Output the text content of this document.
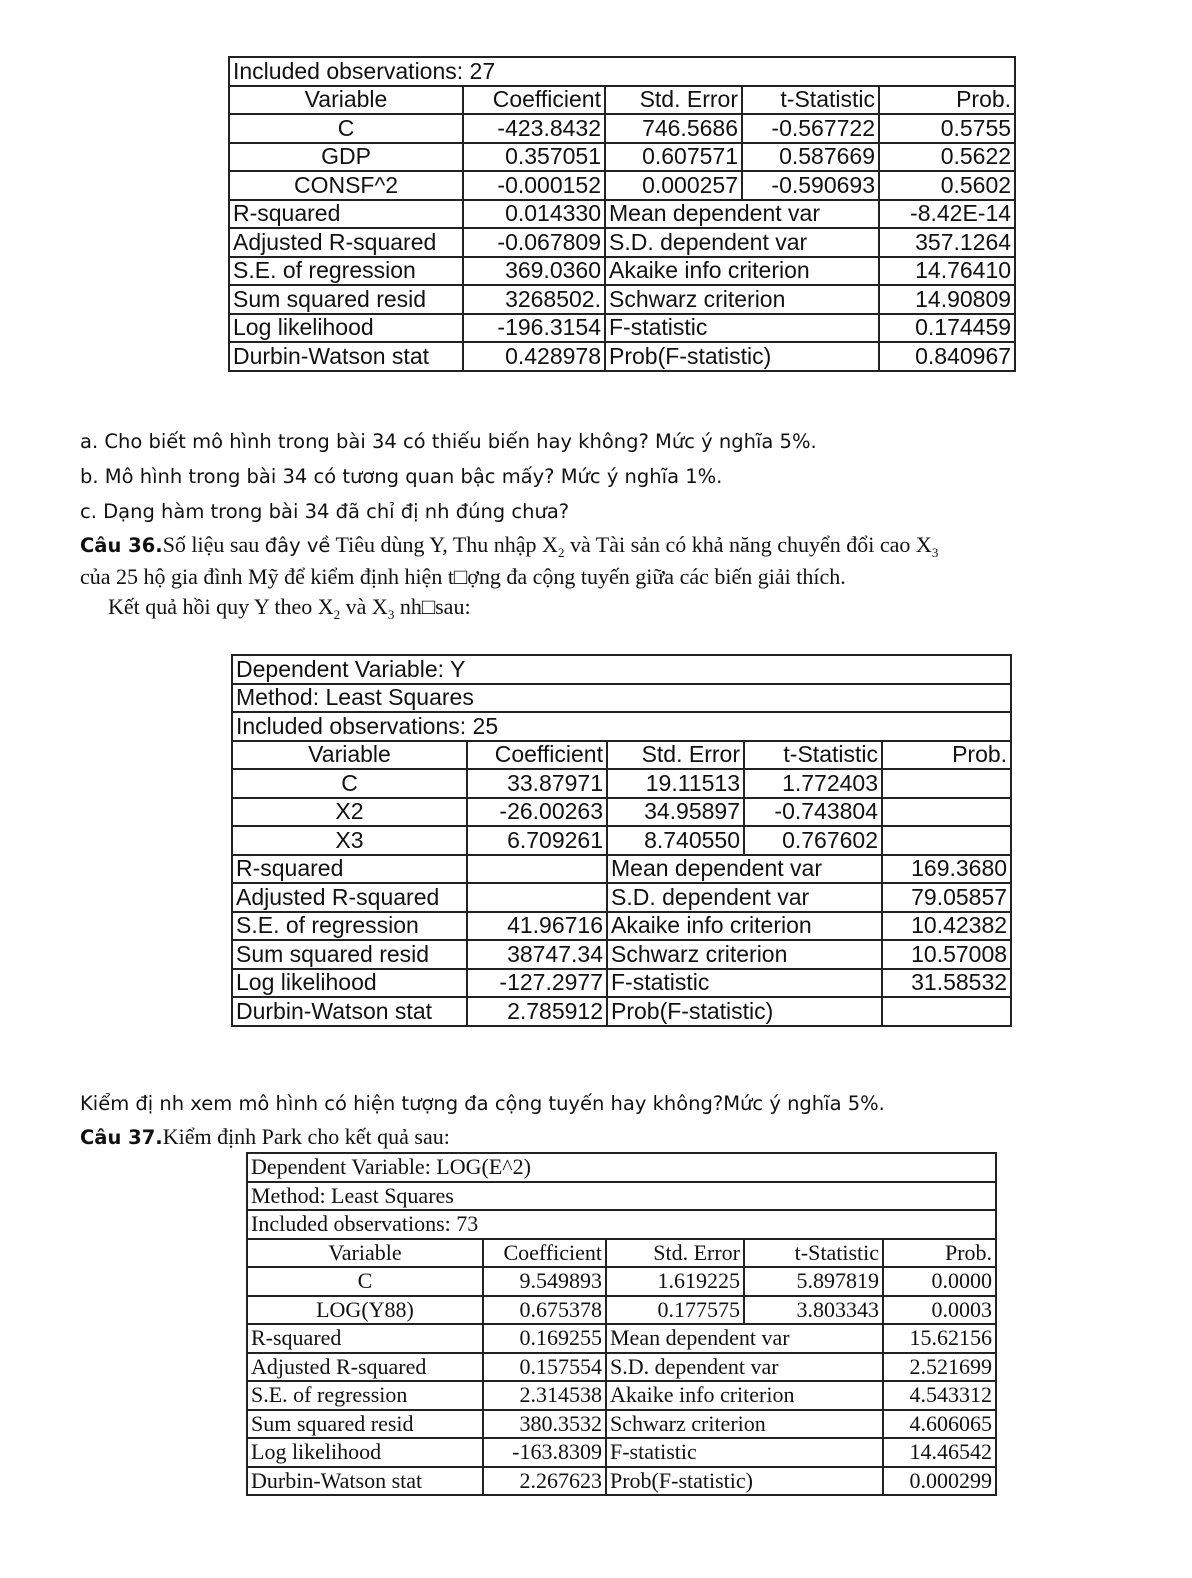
Included observations: 27				
Variable	Coefficient	Std. Error	t-Statistic	Prob.
C	-423.8432	746.5686	-0.567722	0.5755
GDP	0.357051	0.607571	0.587669	0.5622
CONSF^2	-0.000152	0.000257	-0.590693	0.5602
R-squared	0.014330	Mean dependent var		-8.42E-14
Adjusted R-squared	-0.067809	S.D. dependent var		357.1264
S.E. of regression	369.0360	Akaike info criterion		14.76410
Sum squared resid	3268502.	Schwarz criterion		14.90809
Log likelihood	-196.3154	F-statistic		0.174459
Durbin-Watson stat	0.428978	Prob(F-statistic)		0.840967
a. Cho biết mô hình trong bài 34 có thiếu biến hay không? Mức ý nghĩa 5%.
b. Mô hình trong bài 34 có tương quan bậc mấy? Mức ý nghĩa 1%.
c. Dạng hàm trong bài 34 đã chỉ đị nh đúng chưa?
Câu 36.Số liệu sau đây về Tiêu dùng Y, Thu nhập $X_2$ và Tài sản có khả năng chuyển đổi cao $X_3$
của 25 hộ gia đình Mỹ để kiểm định hiện t□ợng đa cộng tuyến giữa các biến giải thích.
Kết quả hồi quy Y theo $X_2$ và $X_3$ nh□sau:
Dependent Variable: Y				
Method: Least Squares				
Included observations: 25				
Variable	Coefficient	Std. Error	t-Statistic	Prob.
C	33.87971	19.11513	1.772403	
X2	-26.00263	34.95897	-0.743804	
X3	6.709261	8.740550	0.767602	
R-squared		Mean dependent var		169.3680
Adjusted R-squared		S.D. dependent var		79.05857
S.E. of regression	41.96716	Akaike info criterion		10.42382
Sum squared resid	38747.34	Schwarz criterion		10.57008
Log likelihood	-127.2977	F-statistic		31.58532
Durbin-Watson stat	2.785912	Prob(F-statistic)		
Kiểm đị nh xem mô hình có hiện tượng đa cộng tuyến hay không?Mức ý nghĩa 5%.
Câu 37.Kiểm định Park cho kết quả sau:
Dependent Variable: LOG(E^2)				
Method: Least Squares				
Included observations: 73				
Variable	Coefficient	Std. Error	t-Statistic	Prob.
C	9.549893	1.619225	5.897819	0.0000
LOG(Y88)	0.675378	0.177575	3.803343	0.0003
R-squared	0.169255	Mean dependent var		15.62156
Adjusted R-squared	0.157554	S.D. dependent var		2.521699
S.E. of regression	2.314538	Akaike info criterion		4.543312
Sum squared resid	380.3532	Schwarz criterion		4.606065
Log likelihood	-163.8309	F-statistic		14.46542
Durbin-Watson stat	2.267623	Prob(F-statistic)		0.000299
